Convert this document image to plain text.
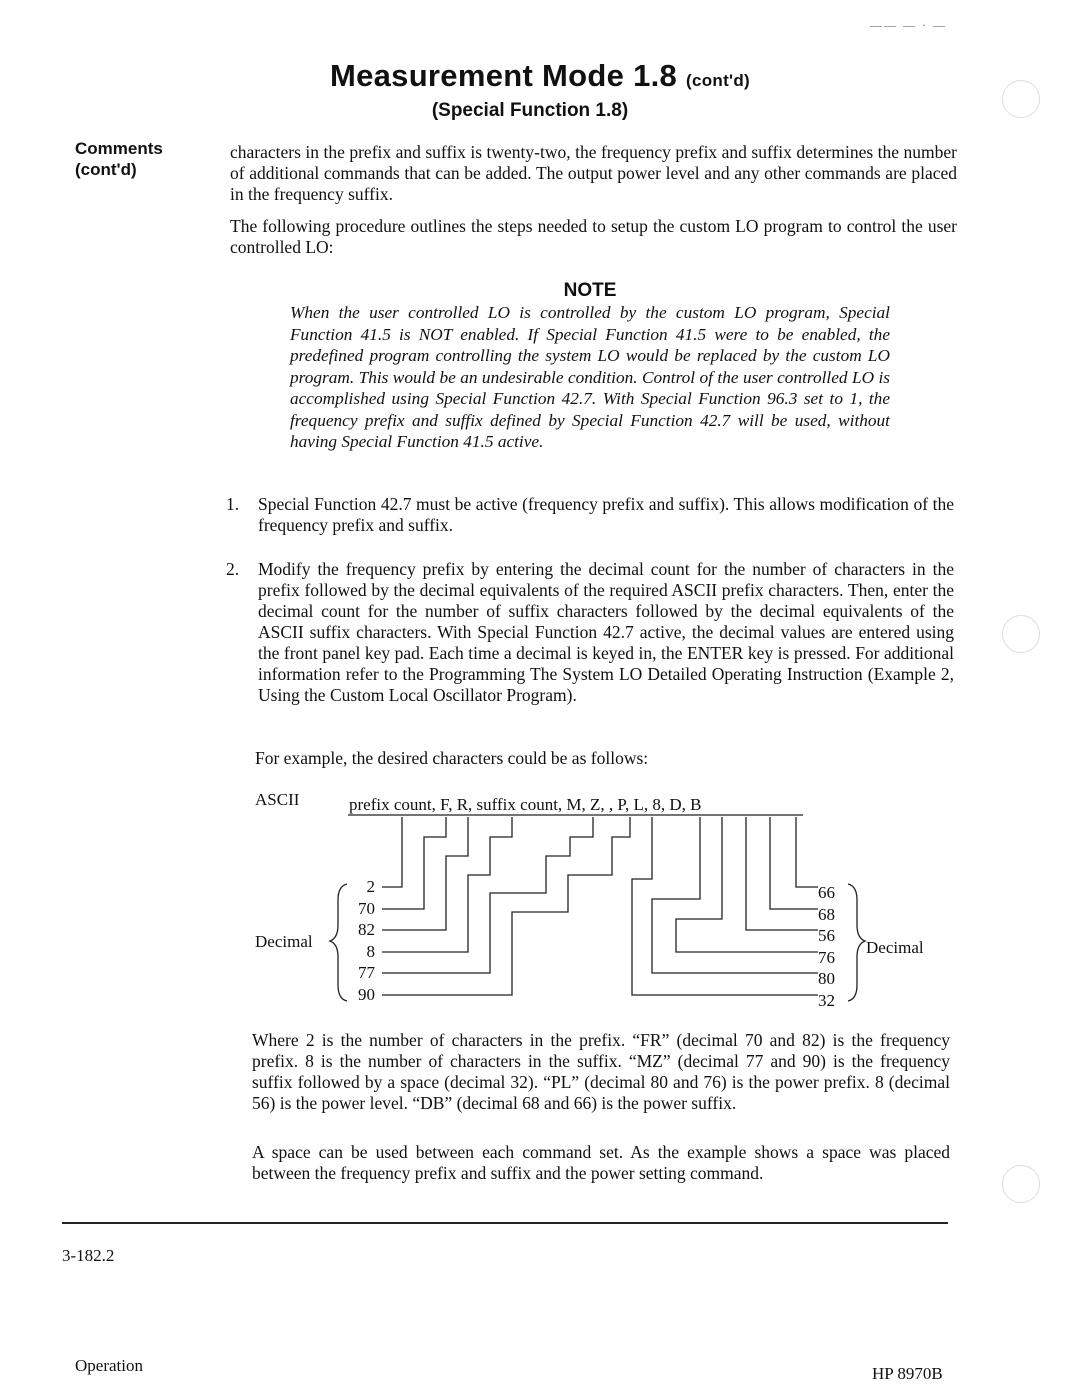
—— — · —
Measurement Mode 1.8 (cont'd)
(Special Function 1.8)
Comments
(cont'd)
characters in the prefix and suffix is twenty-two, the frequency prefix and suffix determines the number of additional commands that can be added. The output power level and any other commands are placed in the frequency suffix.
The following procedure outlines the steps needed to setup the custom LO program to control the user controlled LO:
NOTE
When the user controlled LO is controlled by the custom LO program, Special Function 41.5 is NOT enabled. If Special Function 41.5 were to be enabled, the predefined program controlling the system LO would be replaced by the custom LO program. This would be an undesirable condition. Control of the user controlled LO is accomplished using Special Function 42.7. With Special Function 96.3 set to 1, the frequency prefix and suffix defined by Special Function 42.7 will be used, without having Special Function 41.5 active.
1. Special Function 42.7 must be active (frequency prefix and suffix). This allows modification of the frequency prefix and suffix.
2. Modify the frequency prefix by entering the decimal count for the number of characters in the prefix followed by the decimal equivalents of the required ASCII prefix characters. Then, enter the decimal count for the number of suffix characters followed by the decimal equivalents of the ASCII suffix characters. With Special Function 42.7 active, the decimal values are entered using the front panel key pad. Each time a decimal is keyed in, the ENTER key is pressed. For additional information refer to the Programming The System LO Detailed Operating Instruction (Example 2, Using the Custom Local Oscillator Program).
For example, the desired characters could be as follows:
ASCII	prefix count, F, R, suffix count, M, Z, , P, L, 8, D, B
Decimal	Decimal
2
70
82
8
77
90
66
68
56
76
80
32
Where 2 is the number of characters in the prefix. “FR” (decimal 70 and 82) is the frequency prefix. 8 is the number of characters in the suffix. “MZ” (decimal 77 and 90) is the frequency suffix followed by a space (decimal 32). “PL” (decimal 80 and 76) is the power prefix. 8 (decimal 56) is the power level. “DB” (decimal 68 and 66) is the power suffix.
A space can be used between each command set. As the example shows a space was placed between the frequency prefix and suffix and the power setting command.
3-182.2
Operation	HP 8970B
